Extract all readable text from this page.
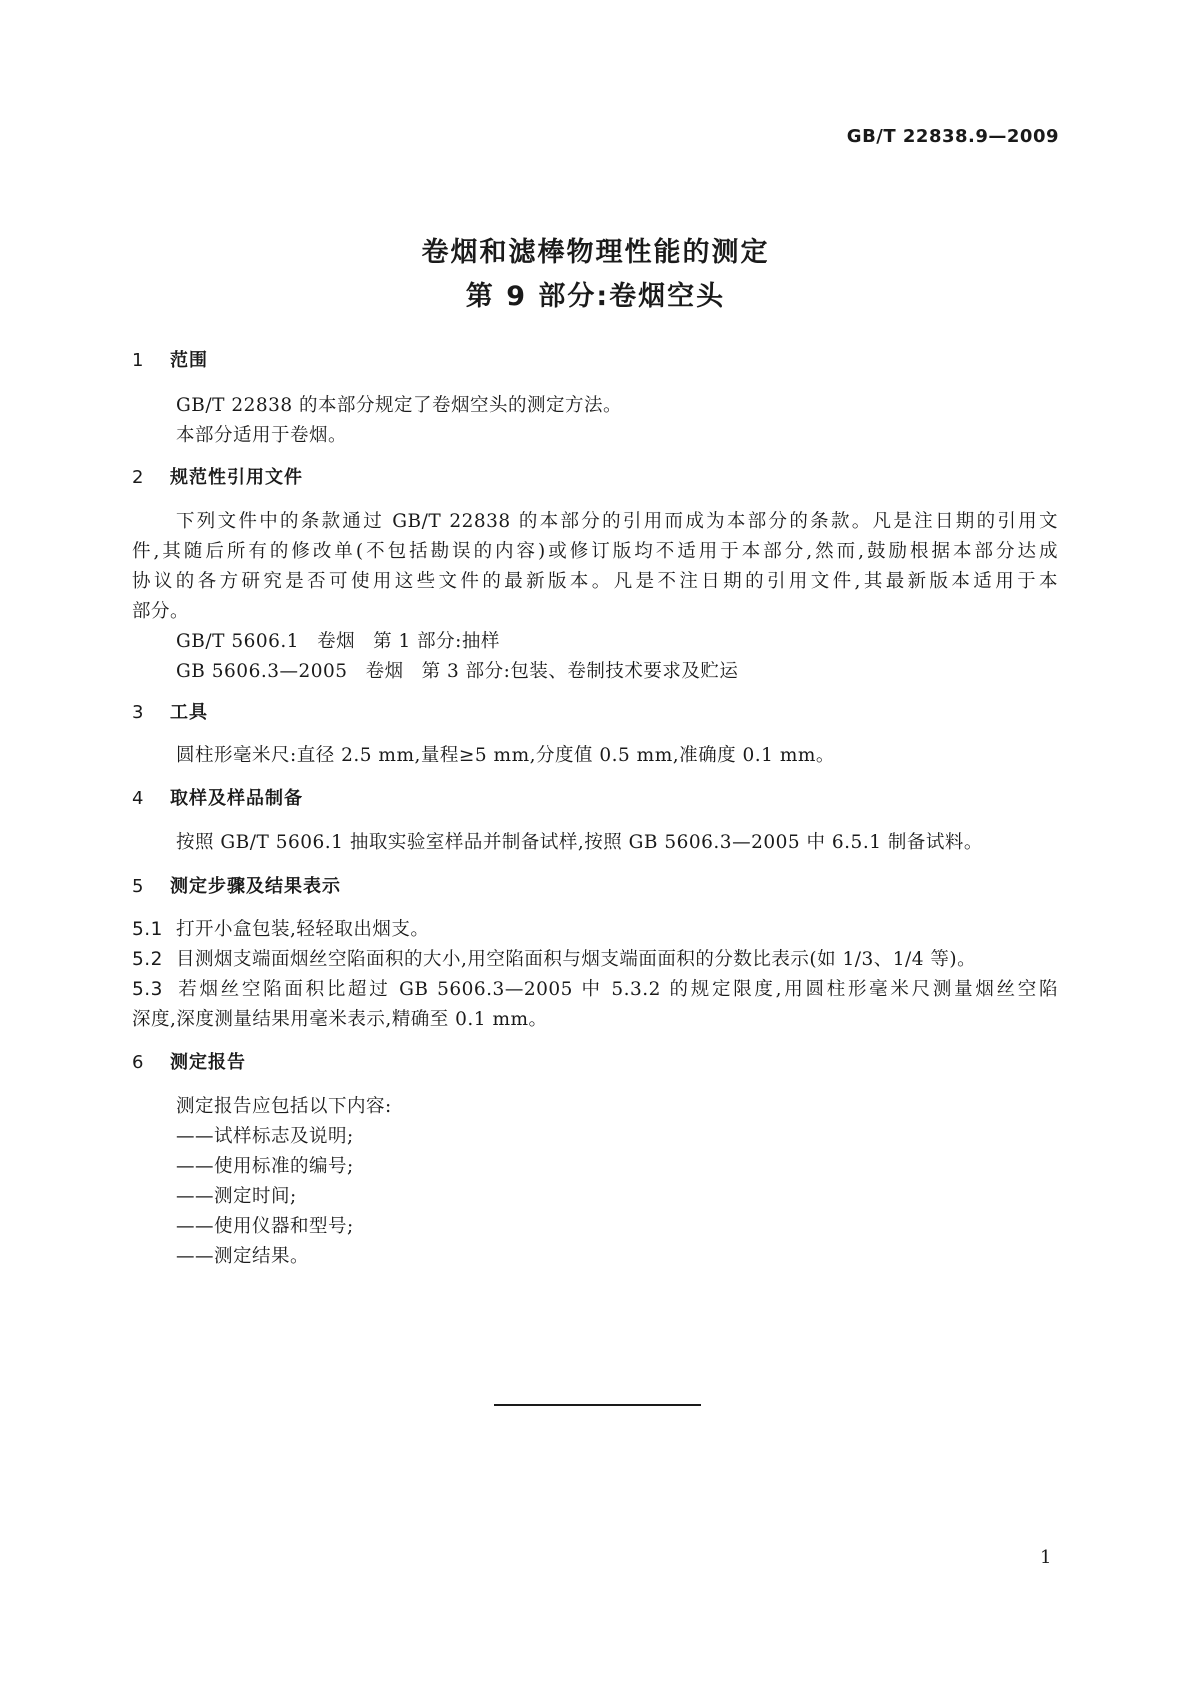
GB/T 22838.9—2009
卷烟和滤棒物理性能的测定
第 9 部分:卷烟空头
1 范围
GB/T 22838 的本部分规定了卷烟空头的测定方法。
本部分适用于卷烟。
2 规范性引用文件
下列文件中的条款通过 GB/T 22838 的本部分的引用而成为本部分的条款。凡是注日期的引用文
件,其随后所有的修改单(不包括勘误的内容)或修订版均不适用于本部分,然而,鼓励根据本部分达成
协议的各方研究是否可使用这些文件的最新版本。凡是不注日期的引用文件,其最新版本适用于本
部分。
GB/T 5606.1 卷烟 第 1 部分:抽样
GB 5606.3—2005 卷烟 第 3 部分:包装、卷制技术要求及贮运
3 工具
圆柱形毫米尺:直径 2.5 mm,量程≥5 mm,分度值 0.5 mm,准确度 0.1 mm。
4 取样及样品制备
按照 GB/T 5606.1 抽取实验室样品并制备试样,按照 GB 5606.3—2005 中 6.5.1 制备试料。
5 测定步骤及结果表示
5.1 打开小盒包装,轻轻取出烟支。
5.2 目测烟支端面烟丝空陷面积的大小,用空陷面积与烟支端面面积的分数比表示(如 1/3、1/4 等)。
5.3 若烟丝空陷面积比超过 GB 5606.3—2005 中 5.3.2 的规定限度,用圆柱形毫米尺测量烟丝空陷
深度,深度测量结果用毫米表示,精确至 0.1 mm。
6 测定报告
测定报告应包括以下内容:
——试样标志及说明;
——使用标准的编号;
——测定时间;
——使用仪器和型号;
——测定结果。
1
